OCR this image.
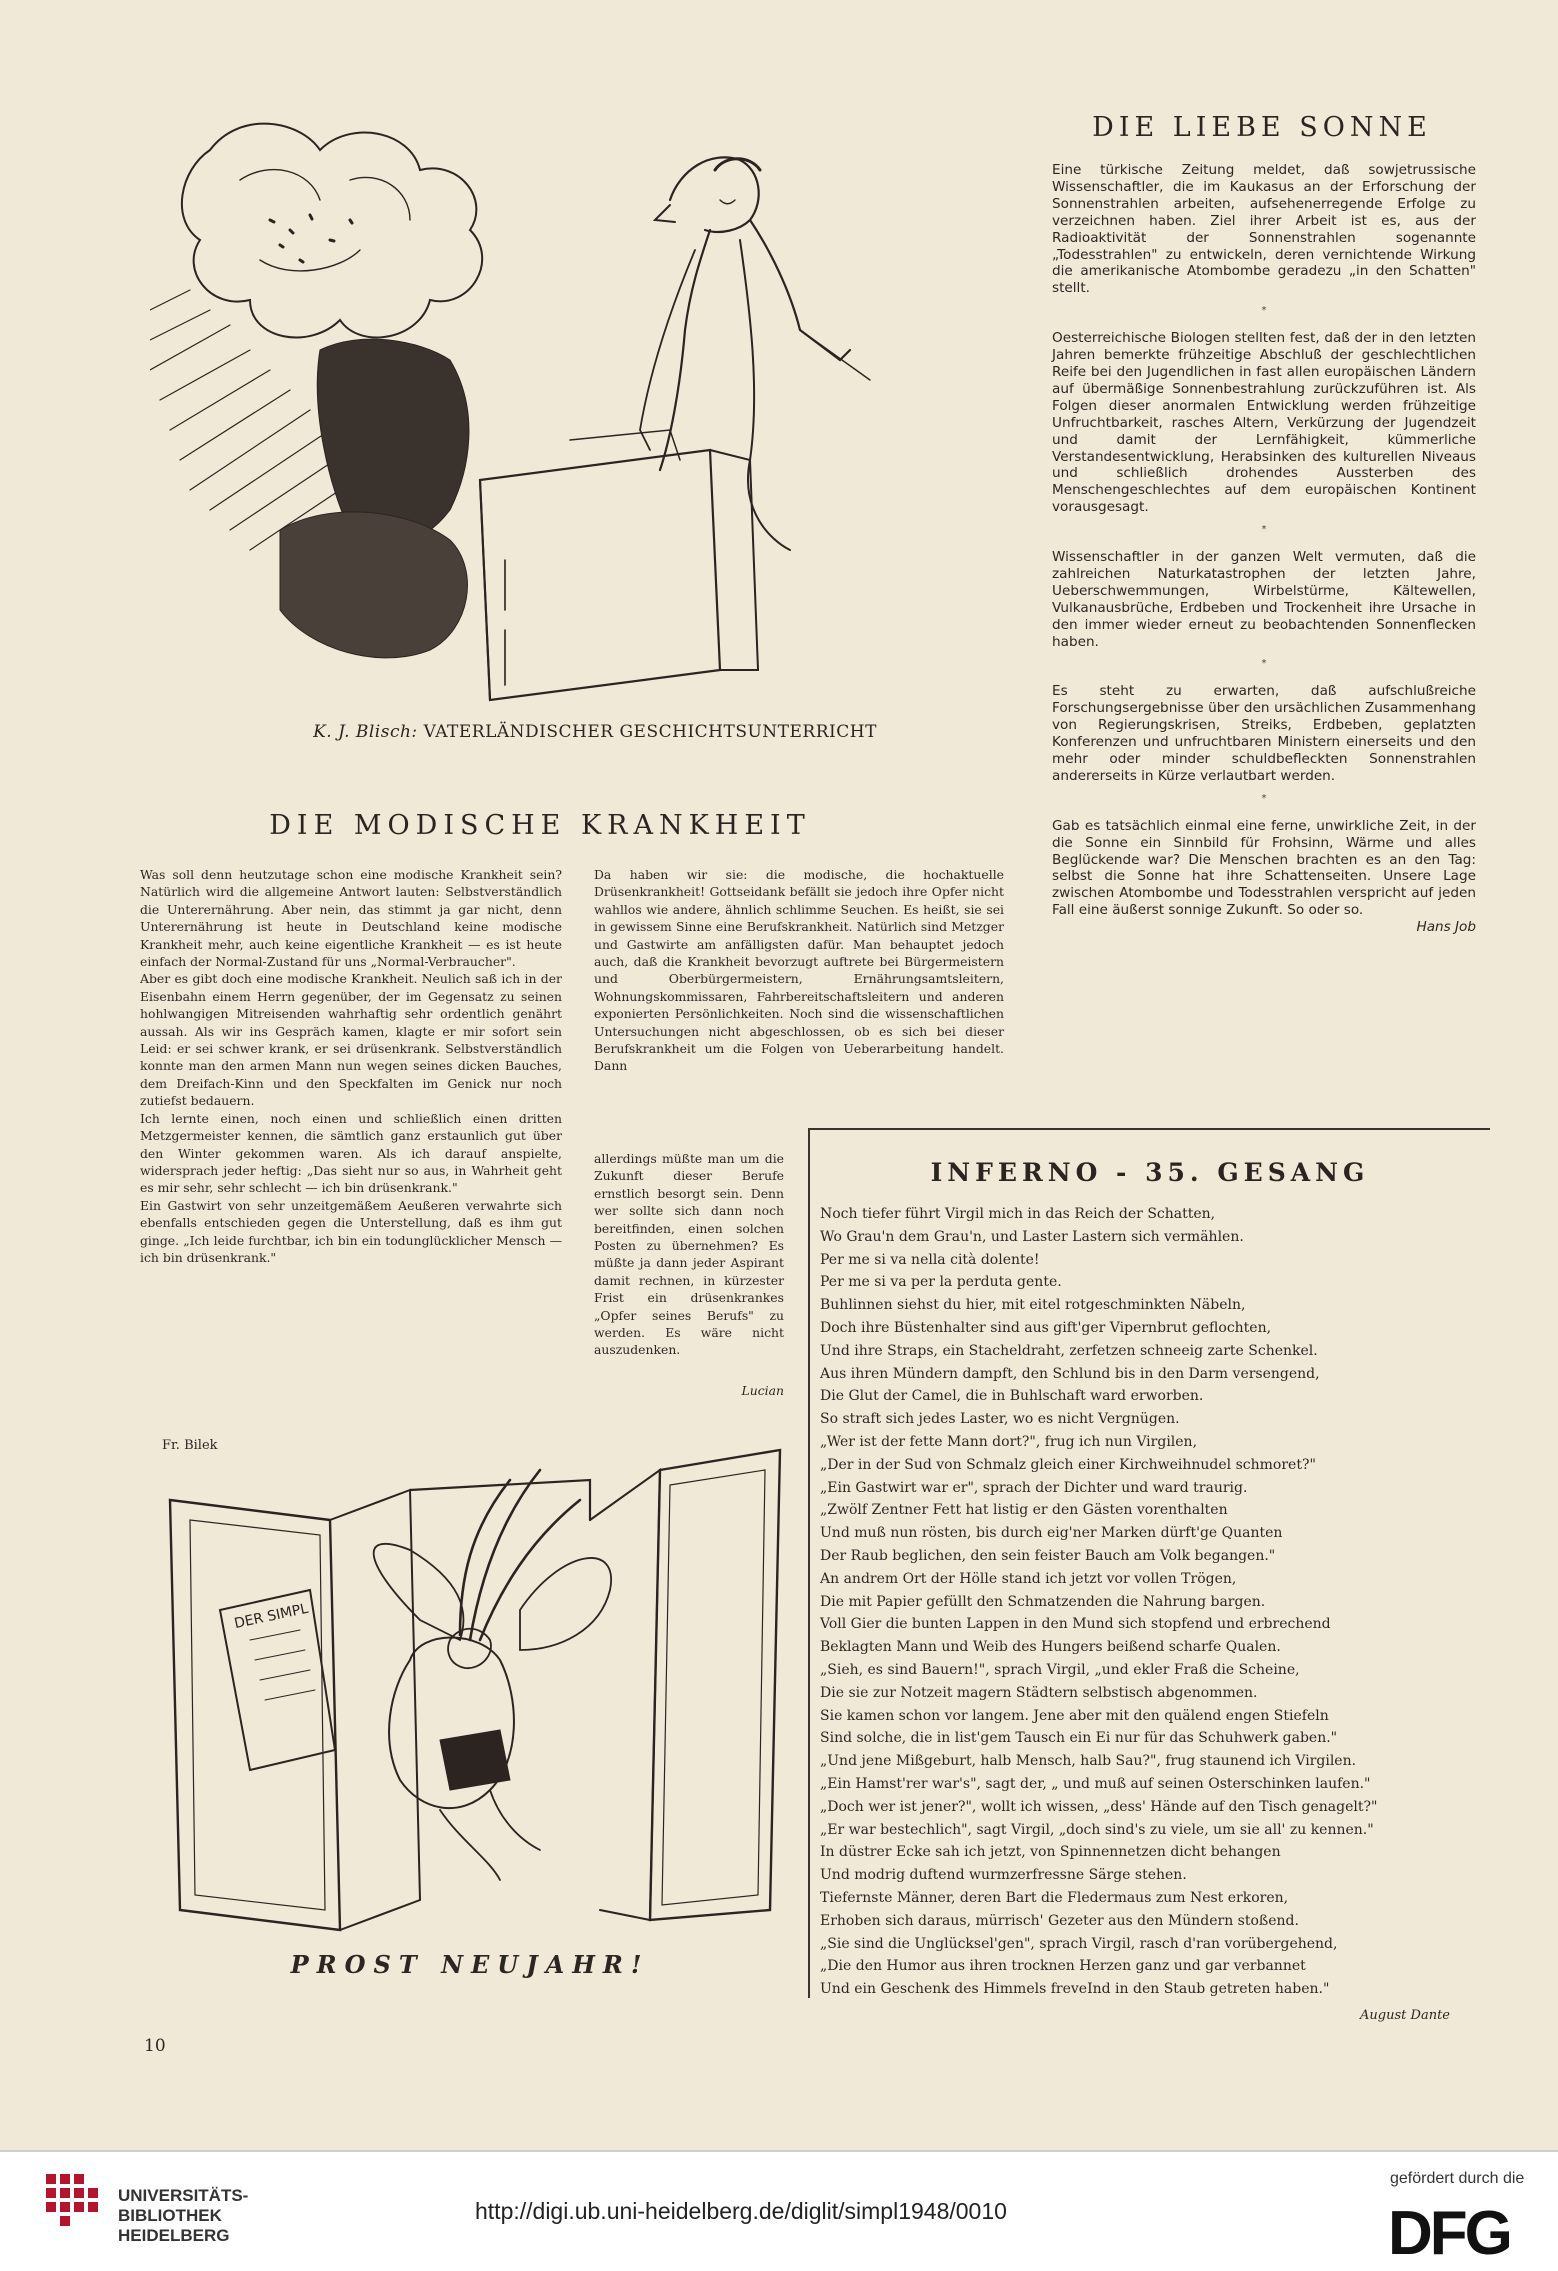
K. J. Blisch: VATERLÄNDISCHER GESCHICHTSUNTERRICHT
DIE MODISCHE KRANKHEIT

Was soll denn heutzutage schon eine modische Krankheit sein? Natürlich wird die allgemeine Antwort lauten: Selbstverständlich die Unterernährung. Aber nein, das stimmt ja gar nicht, denn Unterernährung ist heute in Deutschland keine modische Krankheit mehr, auch keine eigentliche Krankheit — es ist heute einfach der Normal-Zustand für uns „Normal-Verbraucher".

Aber es gibt doch eine modische Krankheit. Neulich saß ich in der Eisenbahn einem Herrn gegenüber, der im Gegensatz zu seinen hohlwangigen Mitreisenden wahrhaftig sehr ordentlich genährt aussah. Als wir ins Gespräch kamen, klagte er mir sofort sein Leid: er sei schwer krank, er sei drüsenkrank. Selbstverständlich konnte man den armen Mann nun wegen seines dicken Bauches, dem Dreifach-Kinn und den Speckfalten im Genick nur noch zutiefst bedauern.

Ich lernte einen, noch einen und schließlich einen dritten Metzgermeister kennen, die sämtlich ganz erstaunlich gut über den Winter gekommen waren. Als ich darauf anspielte, widersprach jeder heftig: „Das sieht nur so aus, in Wahrheit geht es mir sehr, sehr schlecht — ich bin drüsenkrank."

Ein Gastwirt von sehr unzeitgemäßem Aeußeren verwahrte sich ebenfalls entschieden gegen die Unterstellung, daß es ihm gut ginge. „Ich leide furchtbar, ich bin ein todunglücklicher Mensch — ich bin drüsenkrank."

Da haben wir sie: die modische, die hochaktuelle Drüsenkrankheit! Gottseidank befällt sie jedoch ihre Opfer nicht wahllos wie andere, ähnlich schlimme Seuchen. Es heißt, sie sei in gewissem Sinne eine Berufskrankheit. Natürlich sind Metzger und Gastwirte am anfälligsten dafür. Man behauptet jedoch auch, daß die Krankheit bevorzugt auftrete bei Bürgermeistern und Oberbürgermeistern, Ernährungsamtsleitern, Wohnungskommissaren, Fahrbereitschaftsleitern und anderen exponierten Persönlichkeiten. Noch sind die wissenschaftlichen Untersuchungen nicht abgeschlossen, ob es sich bei dieser Berufskrankheit um die Folgen von Ueberarbeitung handelt. Dann

allerdings müßte man um die Zukunft dieser Berufe ernstlich besorgt sein. Denn wer sollte sich dann noch bereitfinden, einen solchen Posten zu übernehmen? Es müßte ja dann jeder Aspirant damit rechnen, in kürzester Frist ein drüsenkrankes „Opfer seines Berufs" zu werden. Es wäre nicht auszudenken.

Lucian
DIE LIEBE SONNE

Eine türkische Zeitung meldet, daß sowjetrussische Wissenschaftler, die im Kaukasus an der Erforschung der Sonnenstrahlen arbeiten, aufsehenerregende Erfolge zu verzeichnen haben. Ziel ihrer Arbeit ist es, aus der Radioaktivität der Sonnenstrahlen sogenannte „Todesstrahlen" zu entwickeln, deren vernichtende Wirkung die amerikanische Atombombe geradezu „in den Schatten" stellt.

*

Oesterreichische Biologen stellten fest, daß der in den letzten Jahren bemerkte frühzeitige Abschluß der geschlechtlichen Reife bei den Jugendlichen in fast allen europäischen Ländern auf übermäßige Sonnenbestrahlung zurückzuführen ist. Als Folgen dieser anormalen Entwicklung werden frühzeitige Unfruchtbarkeit, rasches Altern, Verkürzung der Jugendzeit und damit der Lernfähigkeit, kümmerliche Verstandesentwicklung, Herabsinken des kulturellen Niveaus und schließlich drohendes Aussterben des Menschengeschlechtes auf dem europäischen Kontinent vorausgesagt.

*

Wissenschaftler in der ganzen Welt vermuten, daß die zahlreichen Naturkatastrophen der letzten Jahre, Ueberschwemmungen, Wirbelstürme, Kältewellen, Vulkanausbrüche, Erdbeben und Trockenheit ihre Ursache in den immer wieder erneut zu beobachtenden Sonnenflecken haben.

*

Es steht zu erwarten, daß aufschlußreiche Forschungsergebnisse über den ursächlichen Zusammenhang von Regierungskrisen, Streiks, Erdbeben, geplatzten Konferenzen und unfruchtbaren Ministern einerseits und den mehr oder minder schuldbefleckten Sonnenstrahlen andererseits in Kürze verlautbart werden.

*

Gab es tatsächlich einmal eine ferne, unwirkliche Zeit, in der die Sonne ein Sinnbild für Frohsinn, Wärme und alles Beglückende war? Die Menschen brachten es an den Tag: selbst die Sonne hat ihre Schattenseiten. Unsere Lage zwischen Atombombe und Todesstrahlen verspricht auf jeden Fall eine äußerst sonnige Zukunft. So oder so.

Hans Job
INFERNO - 35. GESANG
Noch tiefer führt Virgil mich in das Reich der Schatten,
Wo Grau'n dem Grau'n, und Laster Lastern sich vermählen.
Per me si va nella cità dolente!
Per me si va per la perduta gente.
Buhlinnen siehst du hier, mit eitel rotgeschminkten Näbeln,
Doch ihre Büstenhalter sind aus gift'ger Vipernbrut geflochten,
Und ihre Straps, ein Stacheldraht, zerfetzen schneeig zarte Schenkel.
Aus ihren Mündern dampft, den Schlund bis in den Darm versengend,
Die Glut der Camel, die in Buhlschaft ward erworben.
So straft sich jedes Laster, wo es nicht Vergnügen.
„Wer ist der fette Mann dort?", frug ich nun Virgilen,
„Der in der Sud von Schmalz gleich einer Kirchweihnudel schmoret?"
„Ein Gastwirt war er", sprach der Dichter und ward traurig.
„Zwölf Zentner Fett hat listig er den Gästen vorenthalten
Und muß nun rösten, bis durch eig'ner Marken dürft'ge Quanten
Der Raub beglichen, den sein feister Bauch am Volk begangen."
An andrem Ort der Hölle stand ich jetzt vor vollen Trögen,
Die mit Papier gefüllt den Schmatzenden die Nahrung bargen.
Voll Gier die bunten Lappen in den Mund sich stopfend und erbrechend
Beklagten Mann und Weib des Hungers beißend scharfe Qualen.
„Sieh, es sind Bauern!", sprach Virgil, „und ekler Fraß die Scheine,
Die sie zur Notzeit magern Städtern selbstisch abgenommen.
Sie kamen schon vor langem. Jene aber mit den quälend engen Stiefeln
Sind solche, die in list'gem Tausch ein Ei nur für das Schuhwerk gaben."
„Und jene Mißgeburt, halb Mensch, halb Sau?", frug staunend ich Virgilen.
„Ein Hamst'rer war's", sagt der, „ und muß auf seinen Osterschinken laufen."
„Doch wer ist jener?", wollt ich wissen, „dess' Hände auf den Tisch genagelt?"
„Er war bestechlich", sagt Virgil, „doch sind's zu viele, um sie all' zu kennen."
In düstrer Ecke sah ich jetzt, von Spinnennetzen dicht behangen
Und modrig duftend wurmzerfressne Särge stehen.
Tiefernste Männer, deren Bart die Fledermaus zum Nest erkoren,
Erhoben sich daraus, mürrisch' Gezeter aus den Mündern stoßend.
„Sie sind die Unglücksel'gen", sprach Virgil, rasch d'ran vorübergehend,
„Die den Humor aus ihren trocknen Herzen ganz und gar verbannet
Und ein Geschenk des Himmels freveInd in den Staub getreten haben."
August Dante
Fr. Bilek
DER SIMPL
PROST NEUJAHR!
10
UNIVERSITÄTS-
BIBLIOTHEK
HEIDELBERG
http://digi.ub.uni-heidelberg.de/diglit/simpl1948/0010
gefördert durch die
DFG
